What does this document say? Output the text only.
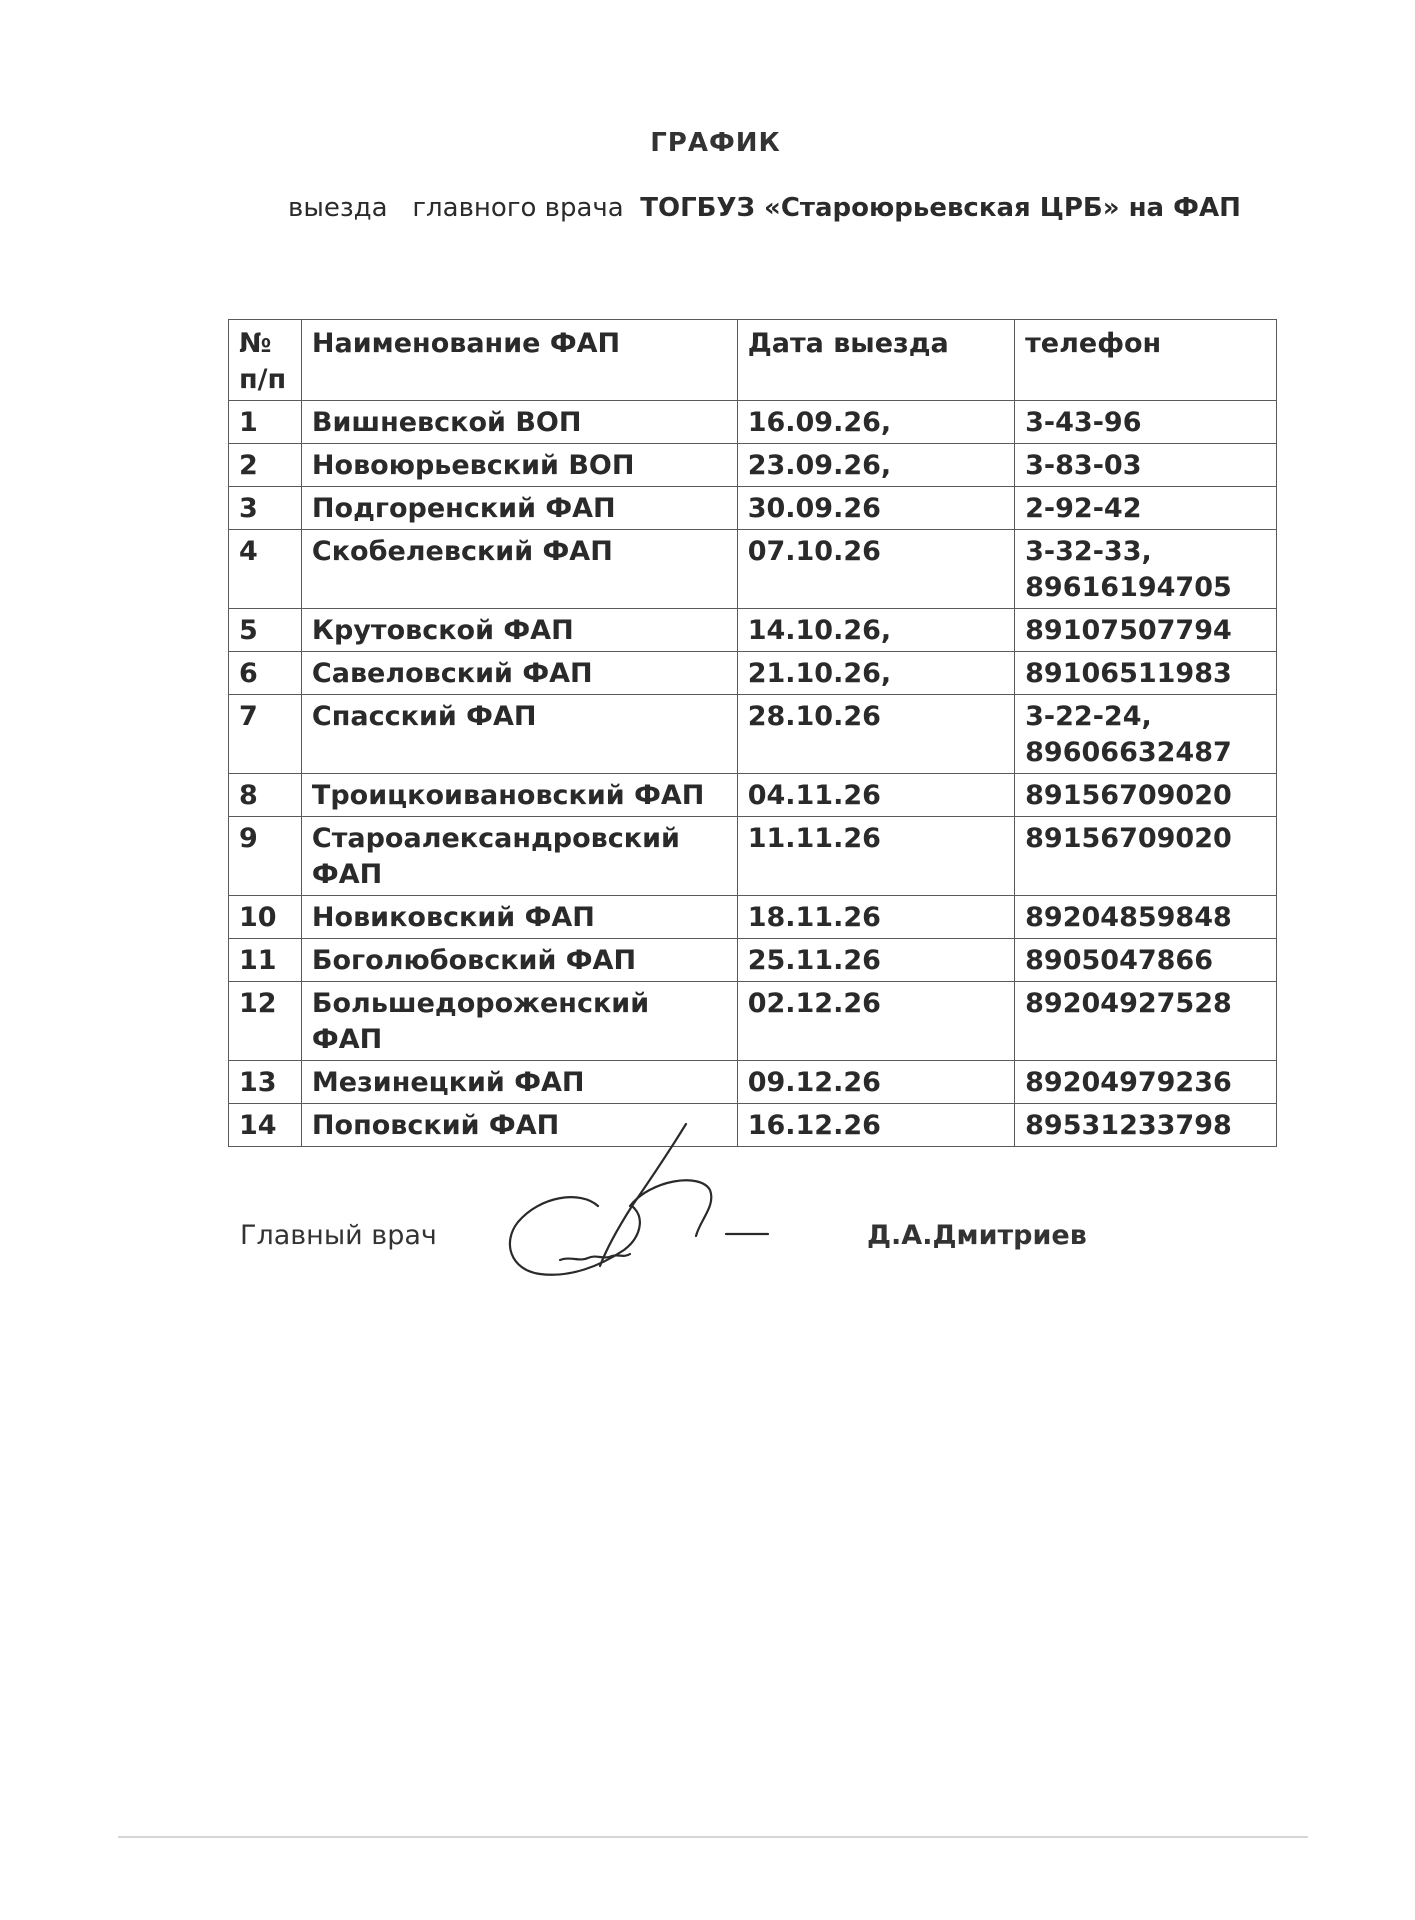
ГРАФИК
выезда   главного врача  ТОГБУЗ «Староюрьевская ЦРБ» на ФАП
№
п/п	Наименование ФАП	Дата выезда	телефон
1	Вишневской ВОП	16.09.26,	3-43-96
2	Новоюрьевский ВОП	23.09.26,	3-83-03
3	Подгоренский ФАП	30.09.26	2-92-42
4	Скобелевский ФАП	07.10.26	3-32-33,
89616194705

5	Крутовской ФАП	14.10.26,	89107507794
6	Савеловский ФАП	21.10.26,	89106511983
7	Спасский ФАП	28.10.26	3-22-24,
89606632487

8	Троицкоивановский ФАП	04.11.26	89156709020
9	Староалександровский ФАП	11.11.26	89156709020
10	Новиковский ФАП	18.11.26	89204859848
11	Боголюбовский ФАП	25.11.26	8905047866
12	Большедороженский ФАП	02.12.26	89204927528
13	Мезинецкий ФАП	09.12.26	89204979236
14	Поповский ФАП	16.12.26	89531233798
Главный врач	Д.А.Дмитриев
